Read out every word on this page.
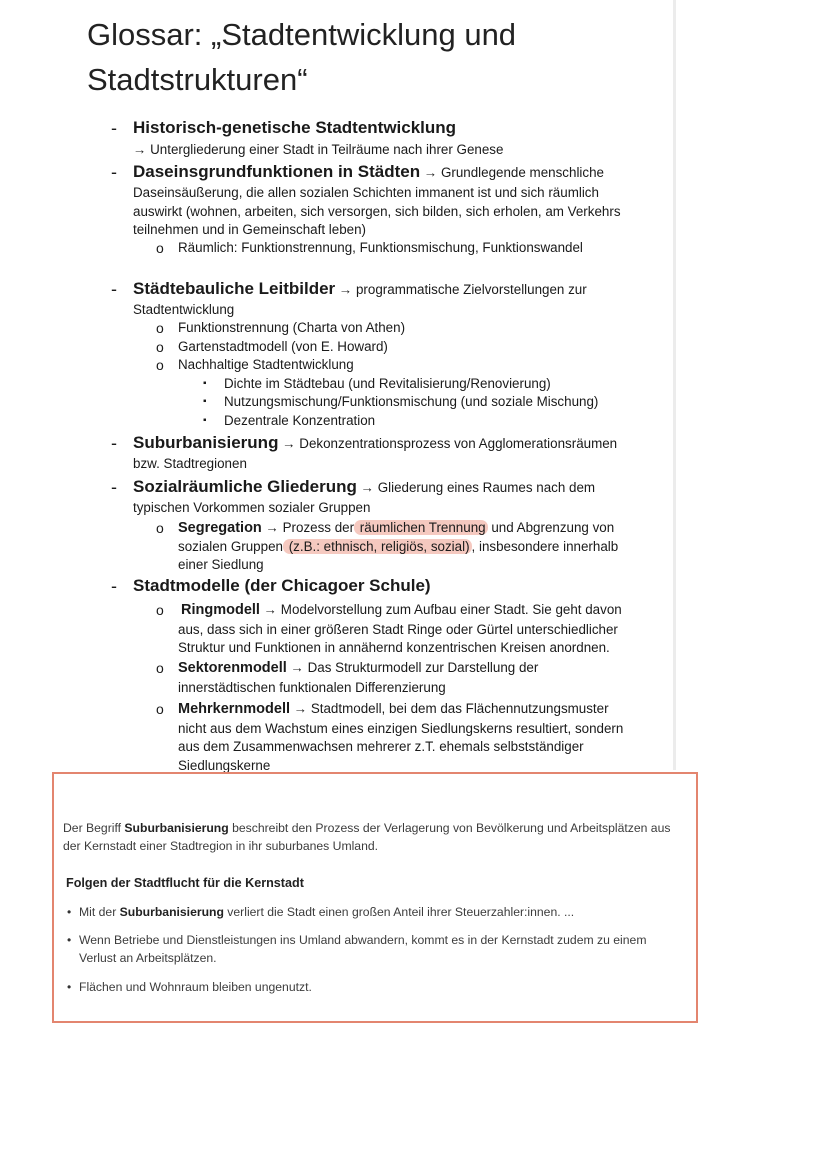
Glossar: „Stadtentwicklung und
Stadtstrukturen“
- Historisch-genetische Stadtentwicklung
→ Untergliederung einer Stadt in Teilräume nach ihrer Genese
- Daseinsgrundfunktionen in Städten → Grundlegende menschliche
Daseinsäußerung, die allen sozialen Schichten immanent ist und sich räumlich
auswirkt (wohnen, arbeiten, sich versorgen, sich bilden, sich erholen, am Verkehrs
teilnehmen und in Gemeinschaft leben)
o Räumlich: Funktionstrennung, Funktionsmischung, Funktionswandel
- Städtebauliche Leitbilder → programmatische Zielvorstellungen zur
Stadtentwicklung
o Funktionstrennung (Charta von Athen)
o Gartenstadtmodell (von E. Howard)
o Nachhaltige Stadtentwicklung
▪ Dichte im Städtebau (und Revitalisierung/Renovierung)
▪ Nutzungsmischung/Funktionsmischung (und soziale Mischung)
▪ Dezentrale Konzentration
- Suburbanisierung → Dekonzentrationsprozess von Agglomerationsräumen
bzw. Stadtregionen
- Sozialräumliche Gliederung → Gliederung eines Raumes nach dem
typischen Vorkommen sozialer Gruppen
o Segregation → Prozess der räumlichen Trennung und Abgrenzung von
sozialen Gruppen (z.B.: ethnisch, religiös, sozial) , insbesondere innerhalb
einer Siedlung
- Stadtmodelle (der Chicagoer Schule)
o Ringmodell → Modelvorstellung zum Aufbau einer Stadt. Sie geht davon
aus, dass sich in einer größeren Stadt Ringe oder Gürtel unterschiedlicher
Struktur und Funktionen in annähernd konzentrischen Kreisen anordnen.
o Sektorenmodell → Das Strukturmodell zur Darstellung der
innerstädtischen funktionalen Differenzierung
o Mehrkernmodell → Stadtmodell, bei dem das Flächennutzungsmuster
nicht aus dem Wachstum eines einzigen Siedlungskerns resultiert, sondern
aus dem Zusammenwachsen mehrerer z.T. ehemals selbstständiger
Siedlungskerne
Der Begriff Suburbanisierung beschreibt den Prozess der Verlagerung von Bevölkerung und Arbeitsplätzen aus
der Kernstadt einer Stadtregion in ihr suburbanes Umland.
Folgen der Stadtflucht für die Kernstadt
• Mit der Suburbanisierung verliert die Stadt einen großen Anteil ihrer Steuerzahler:innen. ...
• Wenn Betriebe und Dienstleistungen ins Umland abwandern, kommt es in der Kernstadt zudem zu einem
Verlust an Arbeitsplätzen.
• Flächen und Wohnraum bleiben ungenutzt.
